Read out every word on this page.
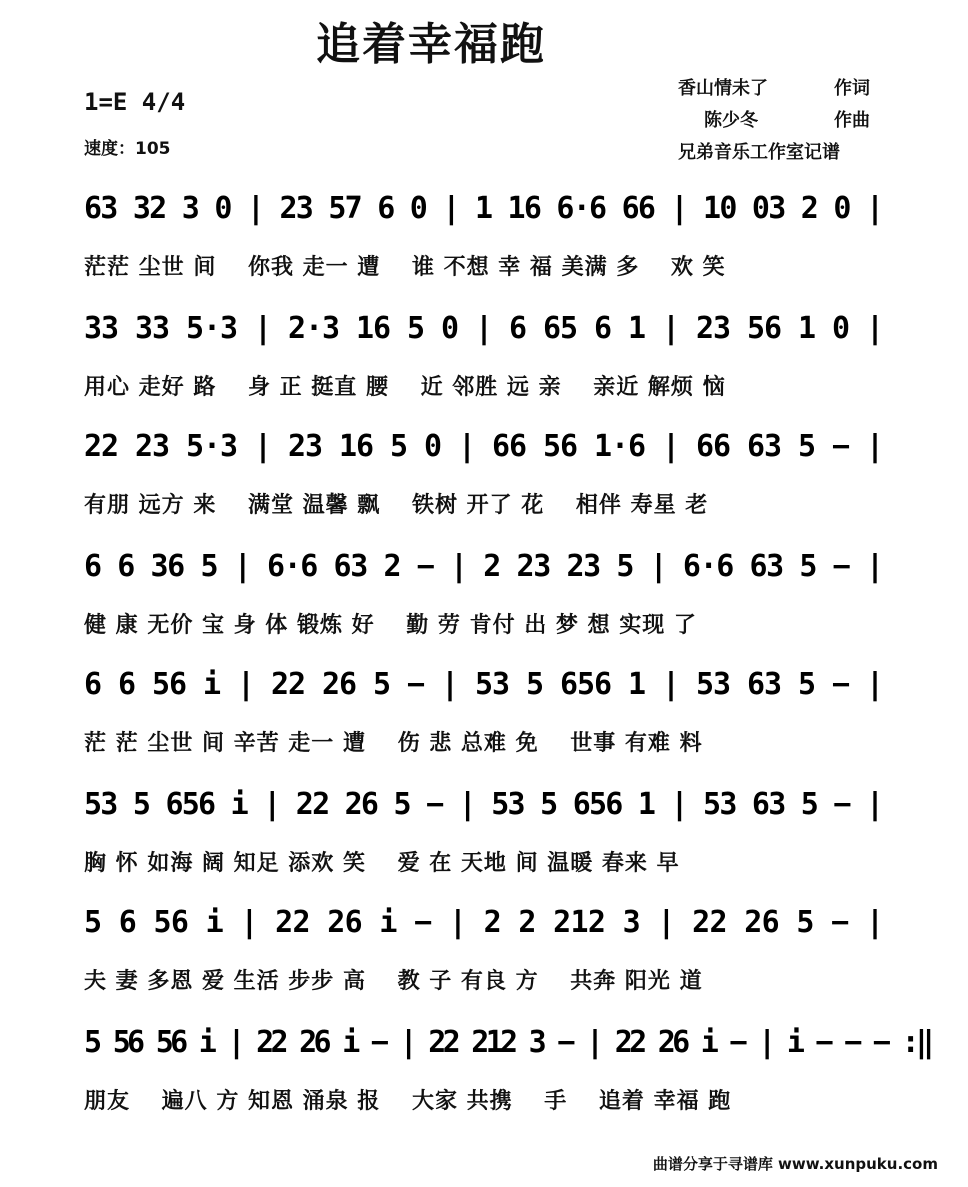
追着幸福跑
1=E 4/4
速度：105
香山情未了	作词
陈少冬	作曲
兄弟音乐工作室记谱
63 32 3 0 | 23 57 6 0 | 1 16 6·6 66 | 10 03 2 0 |
茫茫 尘世 间　 你我 走一 遭　 谁 不想 幸 福 美满 多　 欢 笑
33 33 5·3 | 2·3 16 5 0 | 6 65 6 1 | 23 56 1 0 |
用心 走好 路　 身 正 挺直 腰　 近 邻胜 远 亲　 亲近 解烦 恼
22 23 5·3 | 23 16 5 0 | 66 56 1·6 | 66 63 5 − |
有朋 远方 来　 满堂 温馨 飘　 铁树 开了 花　 相伴 寿星 老
6 6 36 5 | 6·6 63 2 − | 2 23 23 5 | 6·6 63 5 − |
健 康 无价 宝 身 体 锻炼 好　 勤 劳 肯付 出 梦 想 实现 了
6 6 56 i | 22 26 5 − | 53 5 656 1 | 53 63 5 − |
茫 茫 尘世 间 辛苦 走一 遭　 伤 悲 总难 免　 世事 有难 料
53 5 656 i | 22 26 5 − | 53 5 656 1 | 53 63 5 − |
胸 怀 如海 阔 知足 添欢 笑　 爱 在 天地 间 温暖 春来 早
5 6 56 i | 22 26 i − | 2 2 212 3 | 22 26 5 − |
夫 妻 多恩 爱 生活 步步 高　 教 子 有良 方　 共奔 阳光 道
5 56 56 i | 22 26 i − | 22 212 3 − | 22 26 i − | i − − − :‖
朋友　 遍八 方 知恩 涌泉 报　 大家 共携　 手　 追着 幸福 跑
曲谱分享于寻谱库 www.xunpuku.com
